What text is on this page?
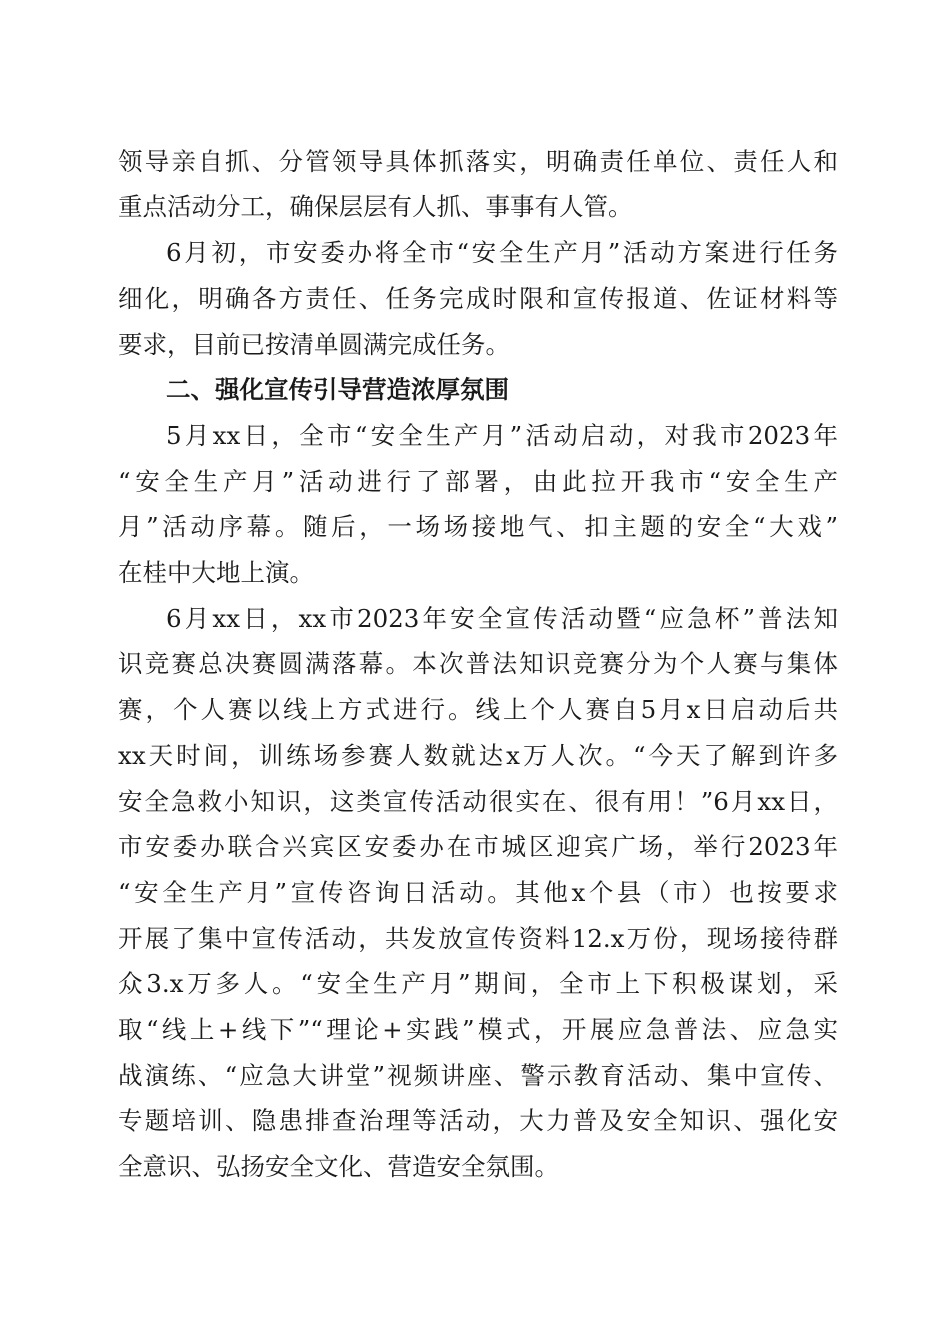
领导亲自抓、分管领导具体抓落实，明确责任单位、责任人和

重点活动分工，确保层层有人抓、事事有人管。

6月初，市安委办将全市“安全生产月”活动方案进行任务

细化，明确各方责任、任务完成时限和宣传报道、佐证材料等

要求，目前已按清单圆满完成任务。

二、强化宣传引导营造浓厚氛围

5月xx日，全市“安全生产月”活动启动，对我市2023年

“安全生产月”活动进行了部署，由此拉开我市“安全生产

月”活动序幕。随后，一场场接地气、扣主题的安全“大戏”

在桂中大地上演。

6月xx日，xx市2023年安全宣传活动暨“应急杯”普法知

识竞赛总决赛圆满落幕。本次普法知识竞赛分为个人赛与集体

赛，个人赛以线上方式进行。线上个人赛自5月x日启动后共

xx天时间，训练场参赛人数就达x万人次。“今天了解到许多

安全急救小知识，这类宣传活动很实在、很有用！”6月xx日，

市安委办联合兴宾区安委办在市城区迎宾广场，举行2023年

“安全生产月”宣传咨询日活动。其他x个县（市）也按要求

开展了集中宣传活动，共发放宣传资料12.x万份，现场接待群

众3.x万多人。“安全生产月”期间，全市上下积极谋划，采

取“线上+线下”“理论+实践”模式，开展应急普法、应急实

战演练、“应急大讲堂”视频讲座、警示教育活动、集中宣传、

专题培训、隐患排查治理等活动，大力普及安全知识、强化安

全意识、弘扬安全文化、营造安全氛围。
